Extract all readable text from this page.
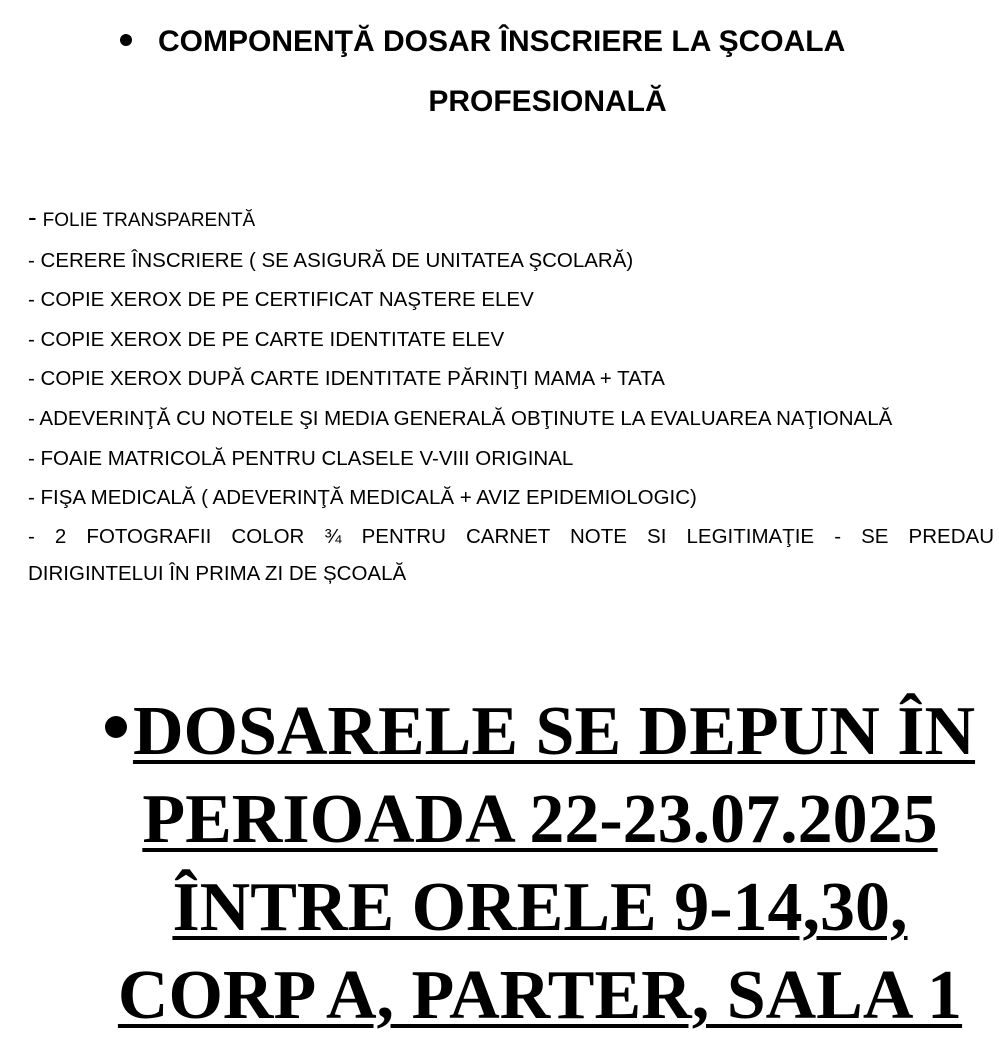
COMPONENŢĂ DOSAR ÎNSCRIERE LA ŞCOALA
PROFESIONALĂ
- FOLIE TRANSPARENTĂ
- CERERE ÎNSCRIERE ( SE ASIGURĂ DE UNITATEA ŞCOLARĂ)
- COPIE XEROX DE PE CERTIFICAT NAŞTERE ELEV
- COPIE XEROX DE PE CARTE IDENTITATE ELEV
- COPIE XEROX DUPĂ CARTE IDENTITATE PĂRINŢI MAMA + TATA
- ADEVERINŢĂ CU NOTELE ŞI MEDIA GENERALĂ OBŢINUTE LA EVALUAREA NAŢIONALĂ
- FOAIE MATRICOLĂ PENTRU CLASELE V-VIII ORIGINAL
- FIŞA MEDICALĂ ( ADEVERINŢĂ MEDICALĂ + AVIZ EPIDEMIOLOGIC)
- 2 FOTOGRAFII COLOR ¾ PENTRU CARNET NOTE SI LEGITIMAŢIE - SE PREDAU
DIRIGINTELUI ÎN PRIMA ZI DE ȘCOALĂ
DOSARELE SE DEPUN ÎN
PERIOADA 22-23.07.2025
ÎNTRE ORELE 9-14,30,
CORP A, PARTER, SALA 1
